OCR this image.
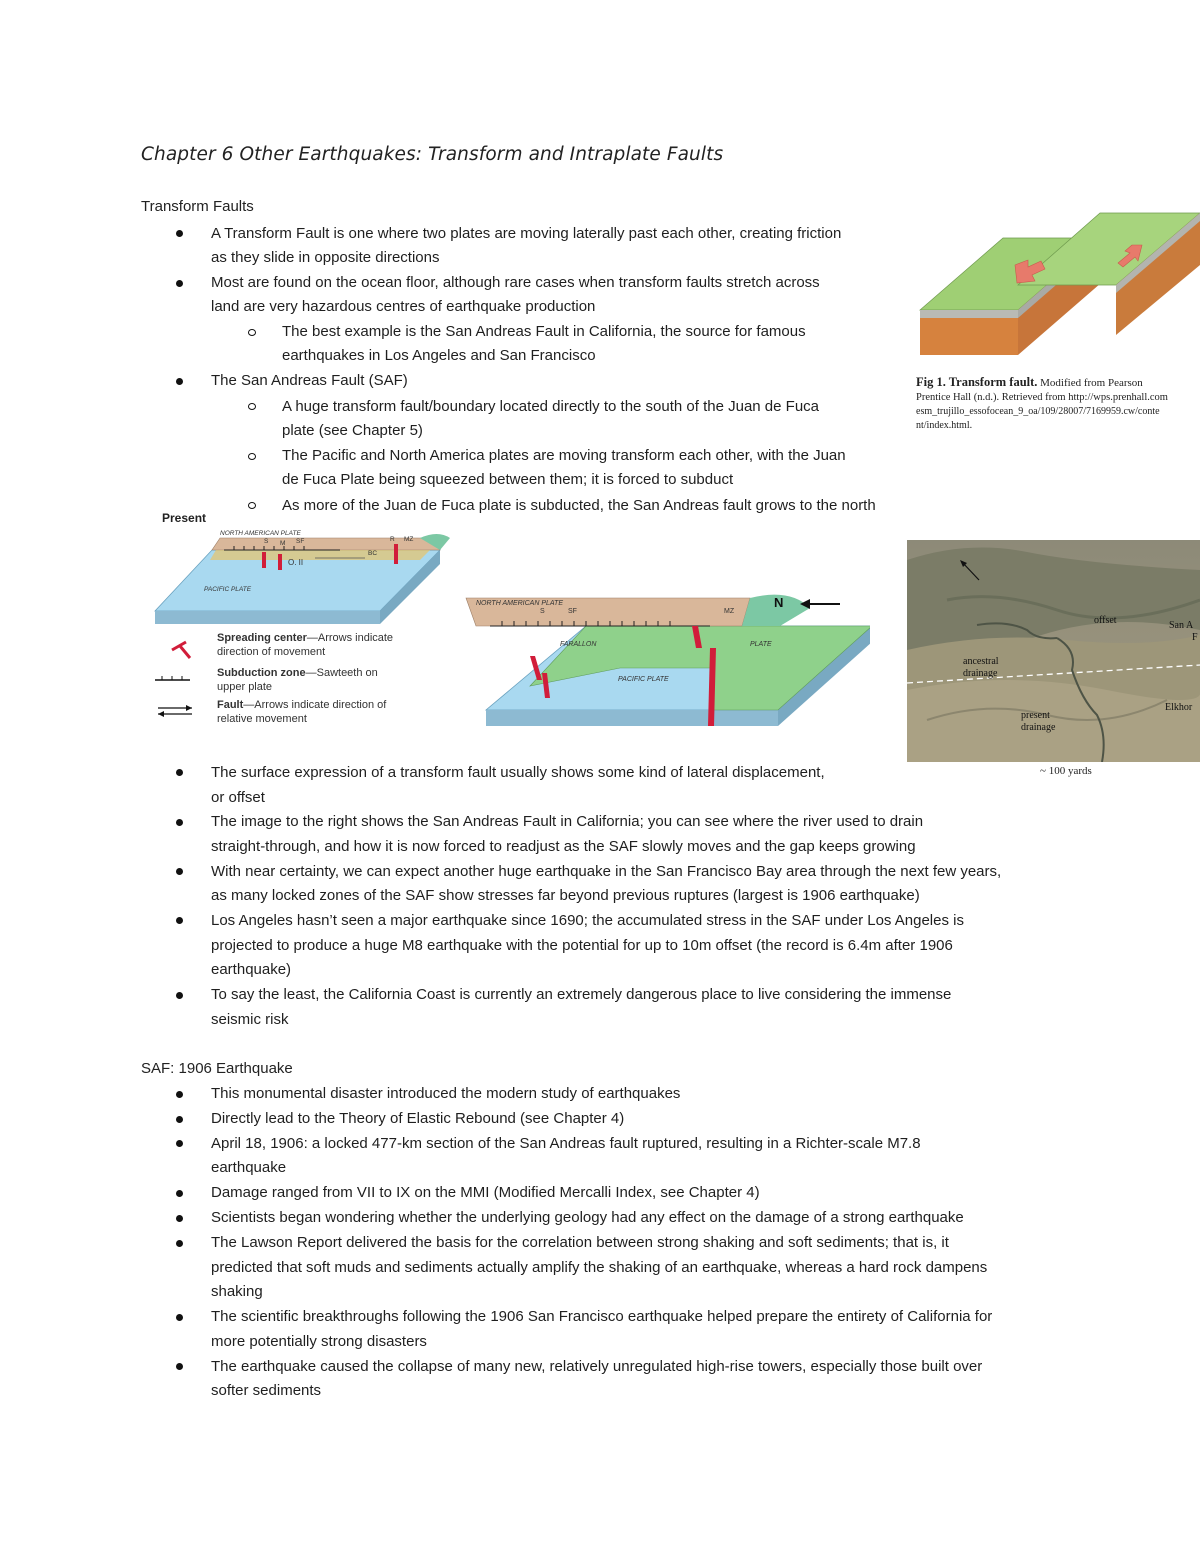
Chapter 6 Other Earthquakes: Transform and Intraplate Faults
Transform Faults
A Transform Fault is one where two plates are moving laterally past each other, creating friction
as they slide in opposite directions
Most are found on the ocean floor, although rare cases when transform faults stretch across
land are very hazardous centres of earthquake production
The best example is the San Andreas Fault in California, the source for famous
earthquakes in Los Angeles and San Francisco
The San Andreas Fault (SAF)
A huge transform fault/boundary located directly to the south of the Juan de Fuca
plate (see Chapter 5)
The Pacific and North America plates are moving transform each other, with the Juan
de Fuca Plate being squeezed between them; it is forced to subduct
As more of the Juan de Fuca plate is subducted, the San Andreas fault grows to the north
The surface expression of a transform fault usually shows some kind of lateral displacement,
or offset
The image to the right shows the San Andreas Fault in California; you can see where the river used to drain
straight-through, and how it is now forced to readjust as the SAF slowly moves and the gap keeps growing
With near certainty, we can expect another huge earthquake in the San Francisco Bay area through the next few years,
as many locked zones of the SAF show stresses far beyond previous ruptures (largest is 1906 earthquake)
Los Angeles hasn’t seen a major earthquake since 1690; the accumulated stress in the SAF under Los Angeles is
projected to produce a huge M8 earthquake with the potential for up to 10m offset (the record is 6.4m after 1906
earthquake)
To say the least, the California Coast is currently an extremely dangerous place to live considering the immense
seismic risk
SAF: 1906 Earthquake
This monumental disaster introduced the modern study of earthquakes
Directly lead to the Theory of Elastic Rebound (see Chapter 4)
April 18, 1906: a locked 477-km section of the San Andreas fault ruptured, resulting in a Richter-scale M7.8
earthquake
Damage ranged from VII to IX on the MMI (Modified Mercalli Index, see Chapter 4)
Scientists began wondering whether the underlying geology had any effect on the damage of a strong earthquake
The Lawson Report delivered the basis for the correlation between strong shaking and soft sediments; that is, it
predicted that soft muds and sediments actually amplify the shaking of an earthquake, whereas a hard rock dampens
shaking
The scientific breakthroughs following the 1906 San Francisco earthquake helped prepare the entirety of California for
more potentially strong disasters
The earthquake caused the collapse of many new, relatively unregulated high-rise towers, especially those built over
softer sediments
Fig 1. Transform fault. Modified from Pearson
Prentice Hall (n.d.). Retrieved from http://wps.prenhall.com
esm_trujillo_essofocean_9_oa/109/28007/7169959.cw/conte
nt/index.html.
Present
NORTH AMERICAN PLATE
S M SF	R MZ
O. II
BC
PACIFIC PLATE
NORTH AMERICAN PLATE
S	SF	MZ
N
FARALLON	PLATE
PACIFIC PLATE
Spreading center—Arrows indicate
direction of movement
Subduction zone—Sawteeth on
upper plate
Fault—Arrows indicate direction of
relative movement
offset	San A
F
ancestral
drainage
present
drainage
Elkhor
~ 100 yards
